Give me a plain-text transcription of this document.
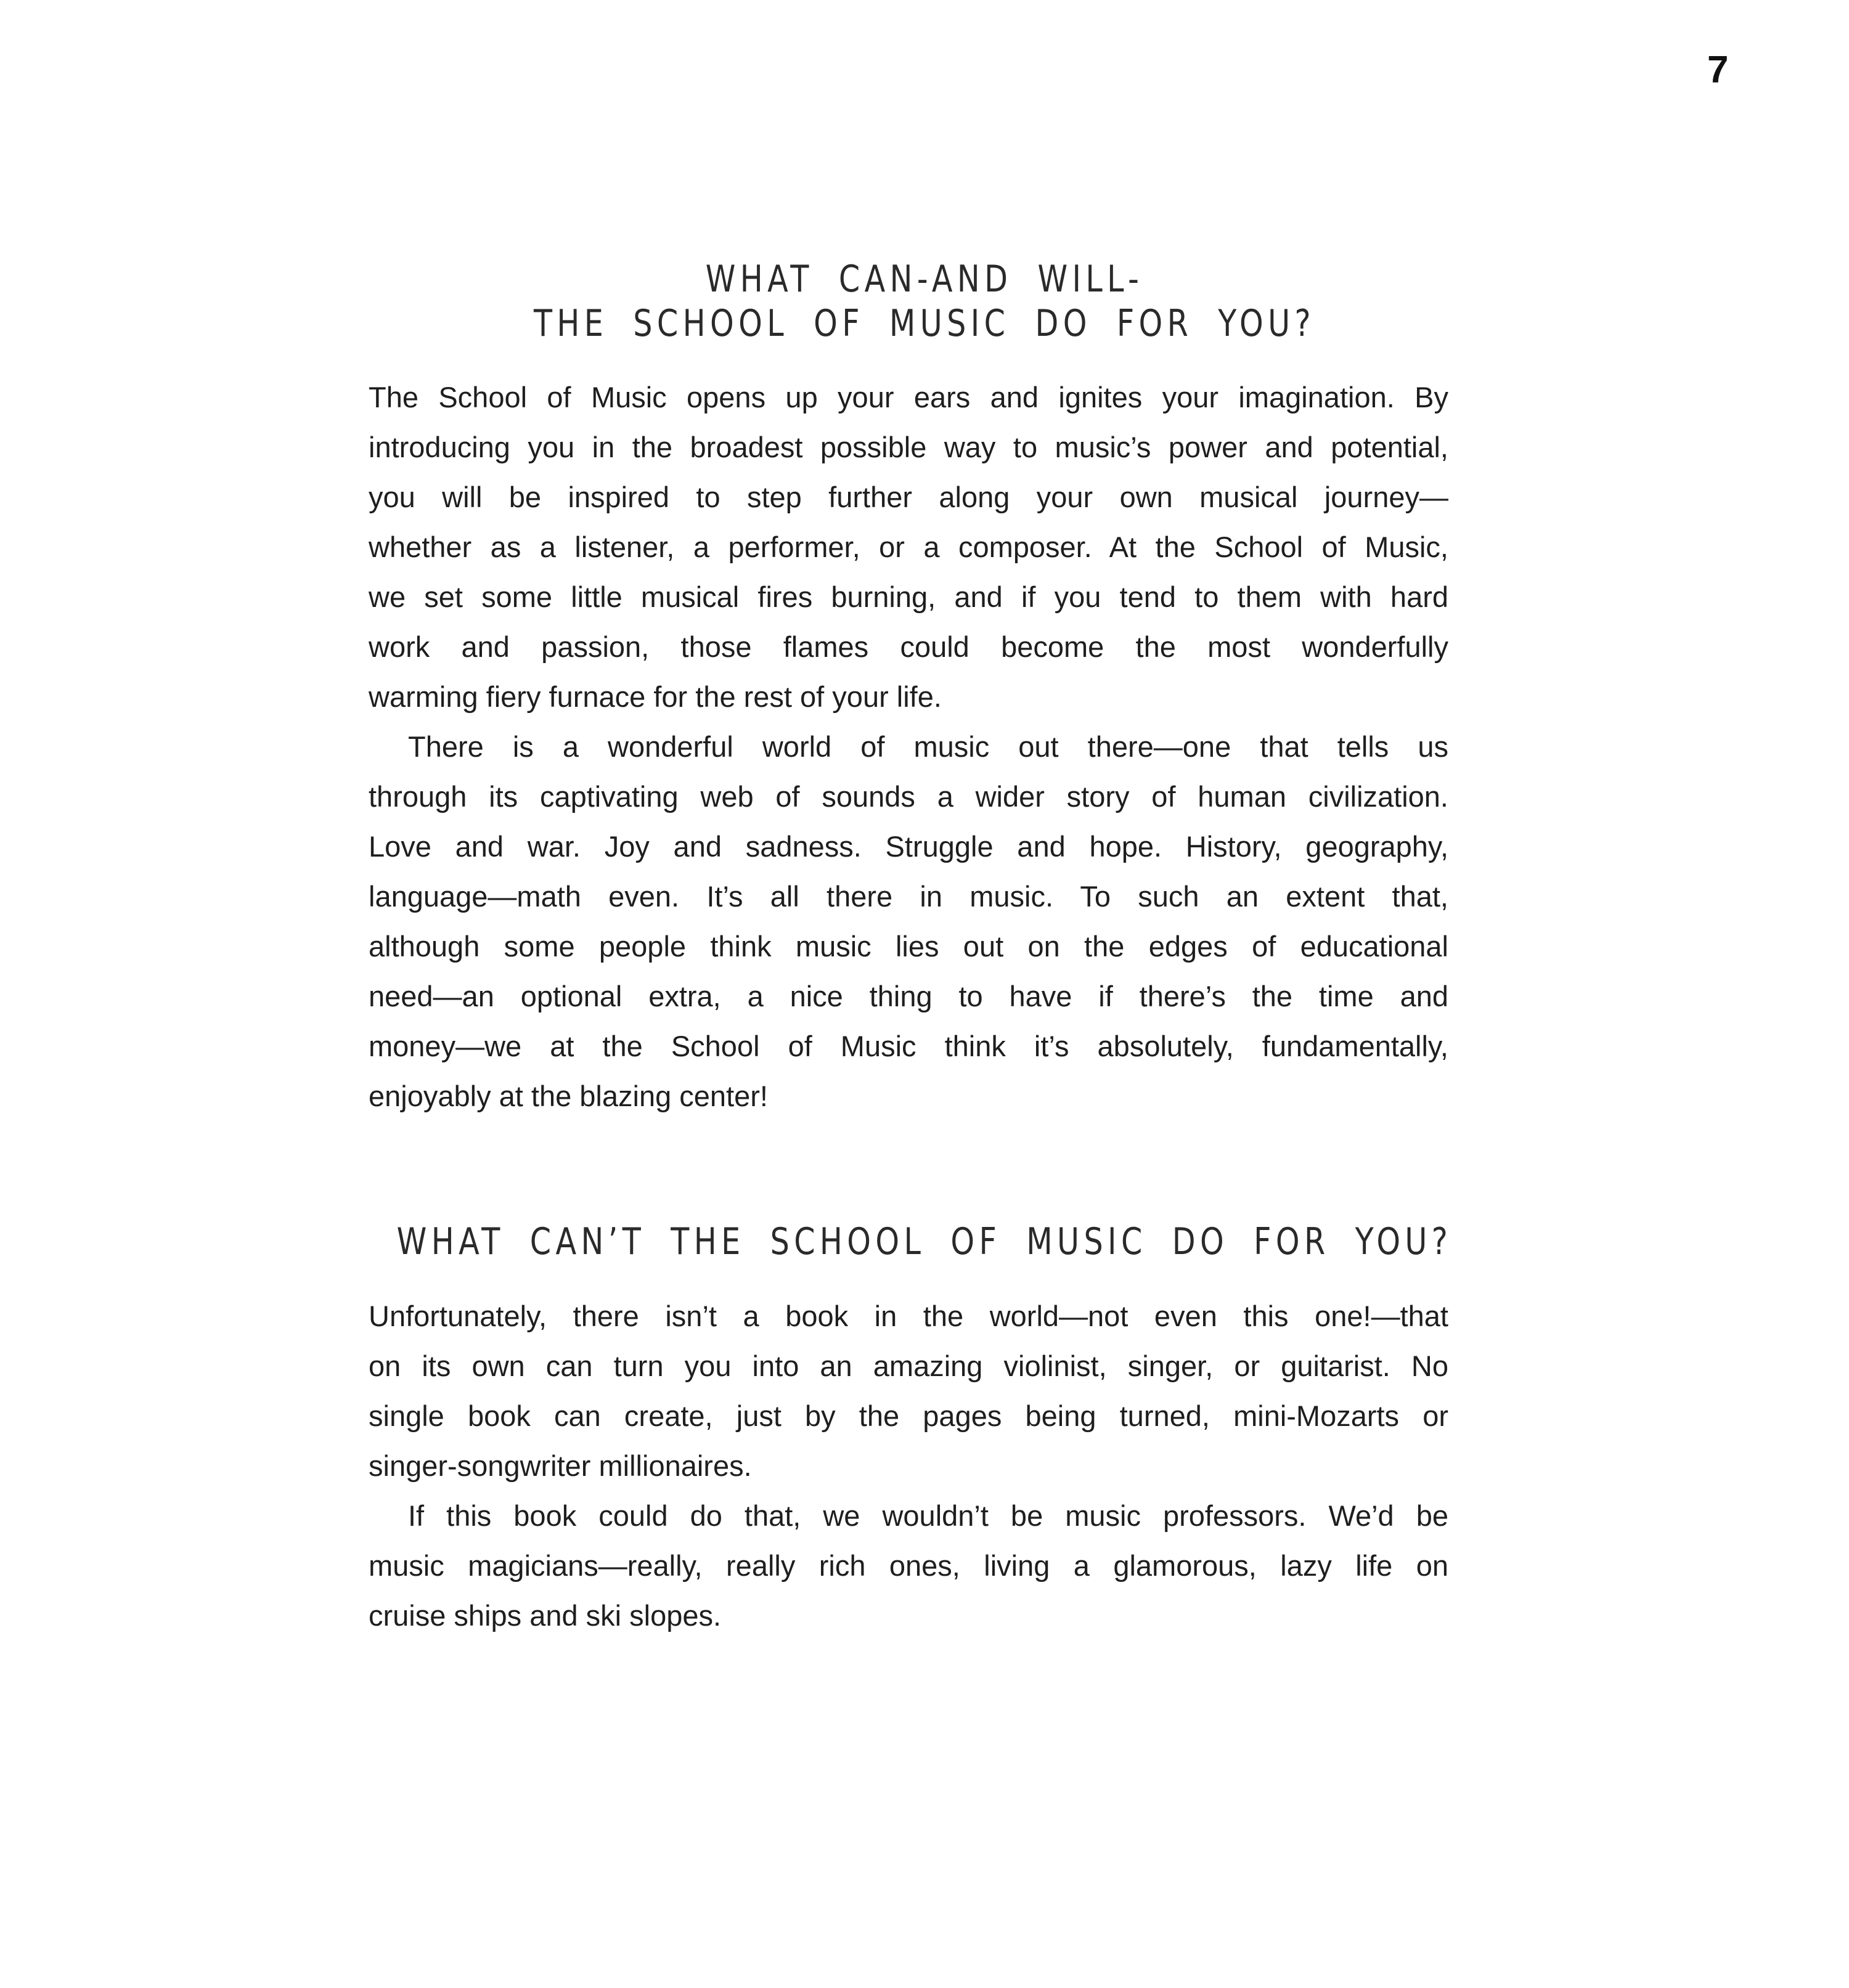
7
WHAT CAN-AND WILL-
THE SCHOOL OF MUSIC DO FOR YOU?
The School of Music opens up your ears and ignites your imagination. By
introducing you in the broadest possible way to music’s power and potential,
you will be inspired to step further along your own musical journey—
whether as a listener, a performer, or a composer. At the School of Music,
we set some little musical fires burning, and if you tend to them with hard
work and passion, those flames could become the most wonderfully
warming fiery furnace for the rest of your life.
There is a wonderful world of music out there—one that tells us
through its captivating web of sounds a wider story of human civilization.
Love and war. Joy and sadness. Struggle and hope. History, geography,
language—math even. It’s all there in music. To such an extent that,
although some people think music lies out on the edges of educational
need—an optional extra, a nice thing to have if there’s the time and
money—we at the School of Music think it’s absolutely, fundamentally,
enjoyably at the blazing center!
WHAT CAN’T THE SCHOOL OF MUSIC DO FOR YOU?
Unfortunately, there isn’t a book in the world—not even this one!—that
on its own can turn you into an amazing violinist, singer, or guitarist. No
single book can create, just by the pages being turned, mini-Mozarts or
singer-songwriter millionaires.
If this book could do that, we wouldn’t be music professors. We’d be
music magicians—really, really rich ones, living a glamorous, lazy life on
cruise ships and ski slopes.
